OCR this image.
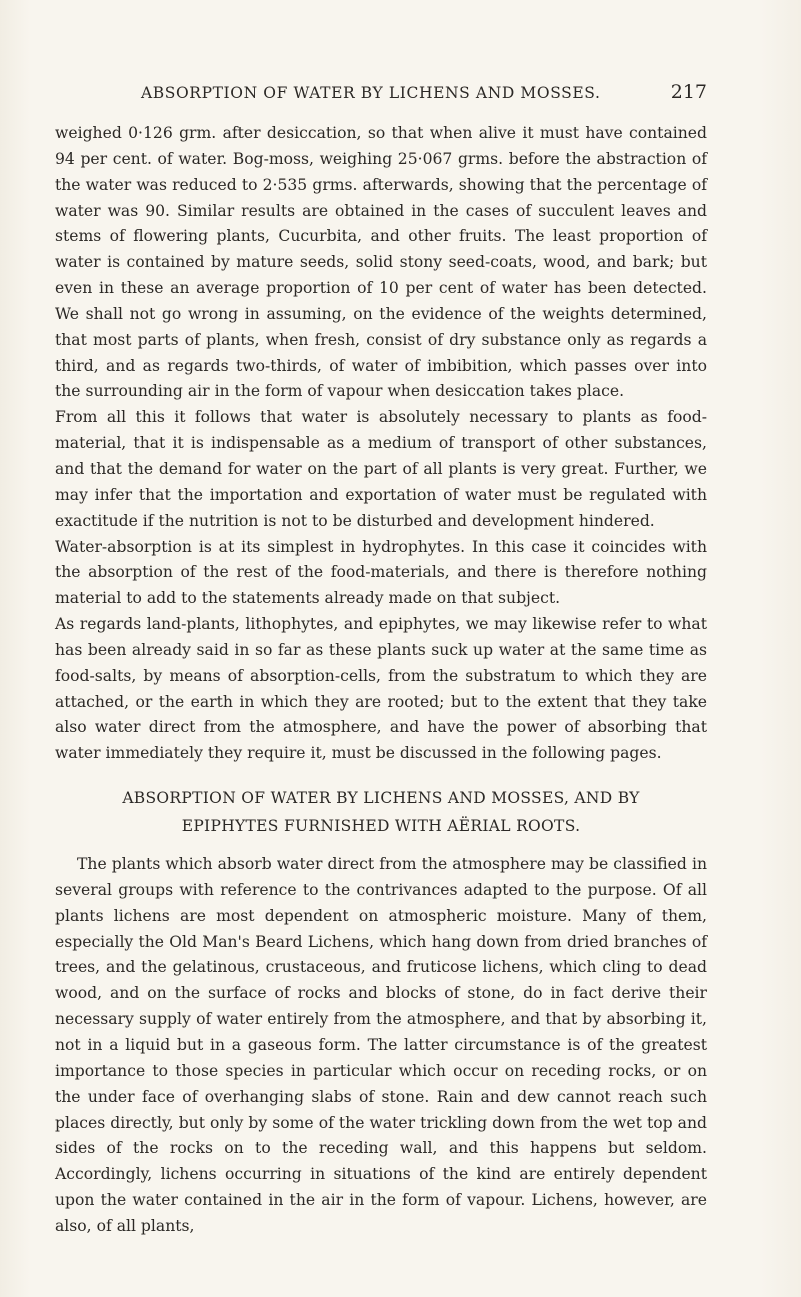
ABSORPTION OF WATER BY LICHENS AND MOSSES.	217

weighed 0·126 grm. after desiccation, so that when alive it must have contained 94 per cent. of water. Bog-moss, weighing 25·067 grms. before the abstraction of the water was reduced to 2·535 grms. afterwards, showing that the percentage of water was 90. Similar results are obtained in the cases of succulent leaves and stems of flowering plants, Cucurbita, and other fruits. The least proportion of water is contained by mature seeds, solid stony seed-coats, wood, and bark; but even in these an average proportion of 10 per cent of water has been detected. We shall not go wrong in assuming, on the evidence of the weights determined, that most parts of plants, when fresh, consist of dry substance only as regards a third, and as regards two-thirds, of water of imbibition, which passes over into the surrounding air in the form of vapour when desiccation takes place.

From all this it follows that water is absolutely necessary to plants as food-material, that it is indispensable as a medium of transport of other substances, and that the demand for water on the part of all plants is very great. Further, we may infer that the importation and exportation of water must be regulated with exactitude if the nutrition is not to be disturbed and development hindered.

Water-absorption is at its simplest in hydrophytes. In this case it coincides with the absorption of the rest of the food-materials, and there is therefore nothing material to add to the statements already made on that subject.

As regards land-plants, lithophytes, and epiphytes, we may likewise refer to what has been already said in so far as these plants suck up water at the same time as food-salts, by means of absorption-cells, from the substratum to which they are attached, or the earth in which they are rooted; but to the extent that they take also water direct from the atmosphere, and have the power of absorbing that water immediately they require it, must be discussed in the following pages.

ABSORPTION OF WATER BY LICHENS AND MOSSES, AND BY
EPIPHYTES FURNISHED WITH AËRIAL ROOTS.

The plants which absorb water direct from the atmosphere may be classified in several groups with reference to the contrivances adapted to the purpose. Of all plants lichens are most dependent on atmospheric moisture. Many of them, especially the Old Man's Beard Lichens, which hang down from dried branches of trees, and the gelatinous, crustaceous, and fruticose lichens, which cling to dead wood, and on the surface of rocks and blocks of stone, do in fact derive their necessary supply of water entirely from the atmosphere, and that by absorbing it, not in a liquid but in a gaseous form. The latter circumstance is of the greatest importance to those species in particular which occur on receding rocks, or on the under face of overhanging slabs of stone. Rain and dew cannot reach such places directly, but only by some of the water trickling down from the wet top and sides of the rocks on to the receding wall, and this happens but seldom. Accordingly, lichens occurring in situations of the kind are entirely dependent upon the water contained in the air in the form of vapour. Lichens, however, are also, of all plants,
